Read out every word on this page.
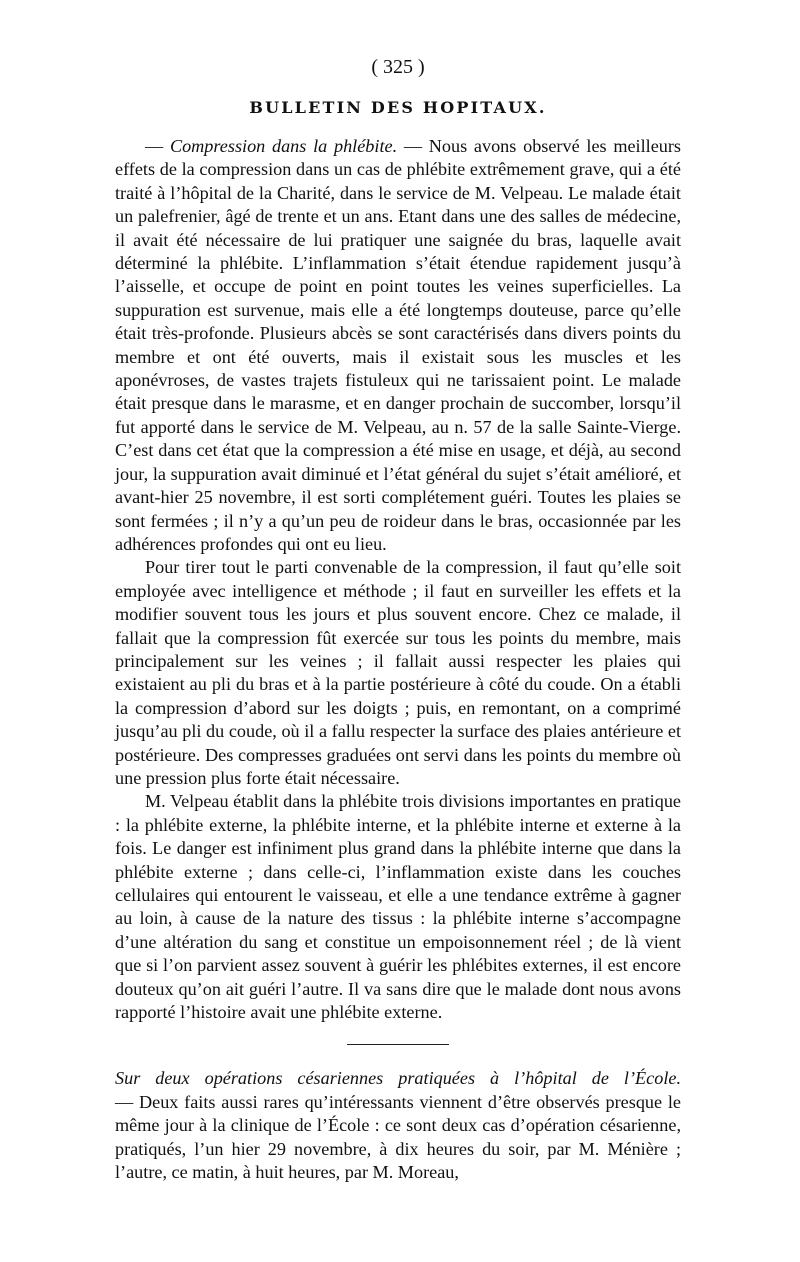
( 325 )
BULLETIN DES HOPITAUX.

— Compression dans la phlébite. — Nous avons observé les meilleurs effets de la compression dans un cas de phlébite extrêmement grave, qui a été traité à l’hôpital de la Charité, dans le service de M. Velpeau. Le malade était un palefrenier, âgé de trente et un ans. Etant dans une des salles de médecine, il avait été nécessaire de lui pratiquer une saignée du bras, laquelle avait déterminé la phlébite. L’inflammation s’était étendue rapidement jusqu’à l’aisselle, et occupe de point en point toutes les veines superficielles. La suppuration est survenue, mais elle a été longtemps douteuse, parce qu’elle était très-profonde. Plusieurs abcès se sont caractérisés dans divers points du membre et ont été ouverts, mais il existait sous les muscles et les aponévroses, de vastes trajets fistuleux qui ne tarissaient point. Le malade était presque dans le marasme, et en danger prochain de succomber, lorsqu’il fut apporté dans le service de M. Velpeau, au n. 57 de la salle Sainte-Vierge. C’est dans cet état que la compression a été mise en usage, et déjà, au second jour, la suppuration avait diminué et l’état général du sujet s’était amélioré, et avant-hier 25 novembre, il est sorti complétement guéri. Toutes les plaies se sont fermées ; il n’y a qu’un peu de roideur dans le bras, occasionnée par les adhérences profondes qui ont eu lieu.

Pour tirer tout le parti convenable de la compression, il faut qu’elle soit employée avec intelligence et méthode ; il faut en surveiller les effets et la modifier souvent tous les jours et plus souvent encore. Chez ce malade, il fallait que la compression fût exercée sur tous les points du membre, mais principalement sur les veines ; il fallait aussi respecter les plaies qui existaient au pli du bras et à la partie postérieure à côté du coude. On a établi la compression d’abord sur les doigts ; puis, en remontant, on a comprimé jusqu’au pli du coude, où il a fallu respecter la surface des plaies antérieure et postérieure. Des compresses graduées ont servi dans les points du membre où une pression plus forte était nécessaire.

M. Velpeau établit dans la phlébite trois divisions importantes en pratique : la phlébite externe, la phlébite interne, et la phlébite interne et externe à la fois. Le danger est infiniment plus grand dans la phlébite interne que dans la phlébite externe ; dans celle-ci, l’inflammation existe dans les couches cellulaires qui entourent le vaisseau, et elle a une tendance extrême à gagner au loin, à cause de la nature des tissus : la phlébite interne s’accompagne d’une altération du sang et constitue un empoisonnement réel ; de là vient que si l’on parvient assez souvent à guérir les phlébites externes, il est encore douteux qu’on ait guéri l’autre. Il va sans dire que le malade dont nous avons rapporté l’histoire avait une phlébite externe.

Sur deux opérations césariennes pratiquées à l’hôpital de l’École.
— Deux faits aussi rares qu’intéressants viennent d’être observés presque le même jour à la clinique de l’École : ce sont deux cas d’opération césarienne, pratiqués, l’un hier 29 novembre, à dix heures du soir, par M. Ménière ; l’autre, ce matin, à huit heures, par M. Moreau,
